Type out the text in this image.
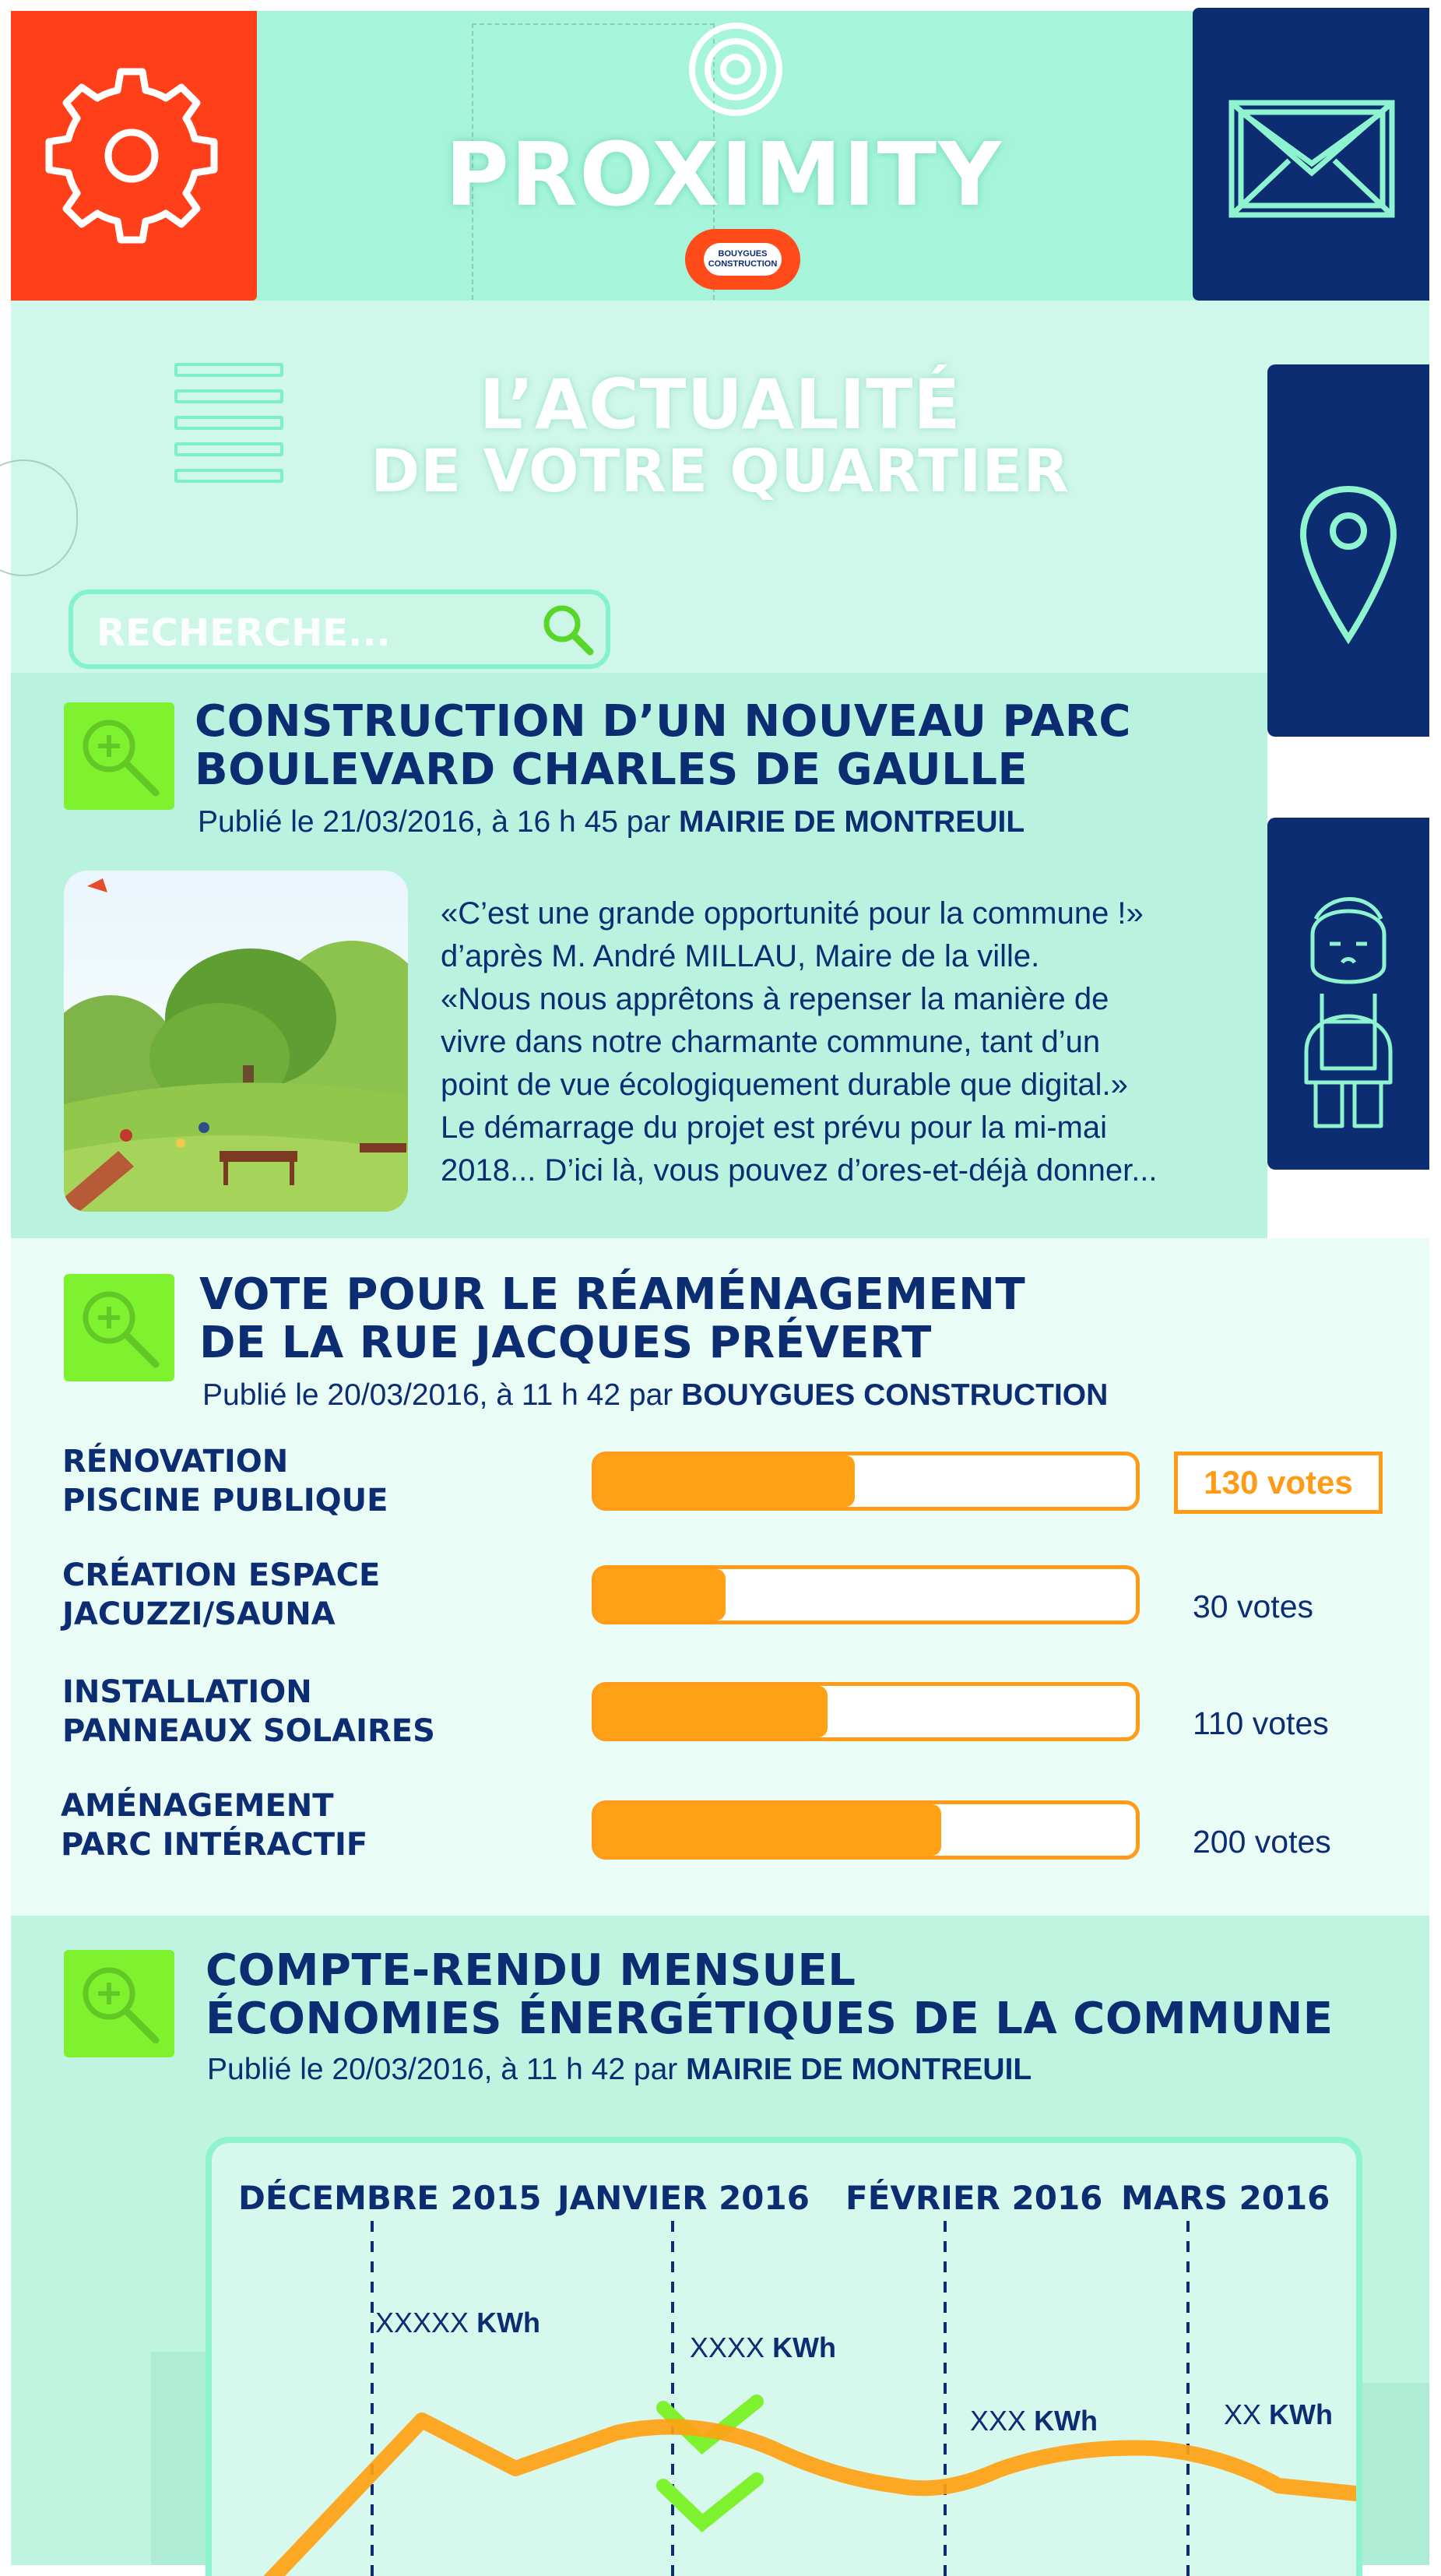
PROXIMITY
BOUYGUES CONSTRUCTION
L’ACTUALITÉ
DE VOTRE QUARTIER
RECHERCHE...
CONSTRUCTION D’UN NOUVEAU PARC
BOULEVARD CHARLES DE GAULLE
Publié le 21/03/2016, à 16 h 45 par MAIRIE DE MONTREUIL
«C’est une grande opportunité pour la commune !»
d’après M. André MILLAU, Maire de la ville.
«Nous nous apprêtons à repenser la manière de
vivre dans notre charmante commune, tant d’un
point de vue écologiquement durable que digital.»
Le démarrage du projet est prévu pour la mi-mai
2018... D’ici là, vous pouvez d’ores-et-déjà donner...
VOTE POUR LE RÉAMÉNAGEMENT
DE LA RUE JACQUES PRÉVERT
Publié le 20/03/2016, à 11 h 42 par BOUYGUES CONSTRUCTION
RÉNOVATION
PISCINE PUBLIQUE	130 votes
CRÉATION ESPACE
JACUZZI/SAUNA	30 votes
INSTALLATION
PANNEAUX SOLAIRES	110 votes
AMÉNAGEMENT
PARC INTÉRACTIF	200 votes
COMPTE-RENDU MENSUEL
ÉCONOMIES ÉNERGÉTIQUES DE LA COMMUNE
Publié le 20/03/2016, à 11 h 42 par MAIRIE DE MONTREUIL
DÉCEMBRE 2015 JANVIER 2016 FÉVRIER 2016 MARS 2016
XXXXX KWh
XXXX KWh
XXX KWh	XX KWh
